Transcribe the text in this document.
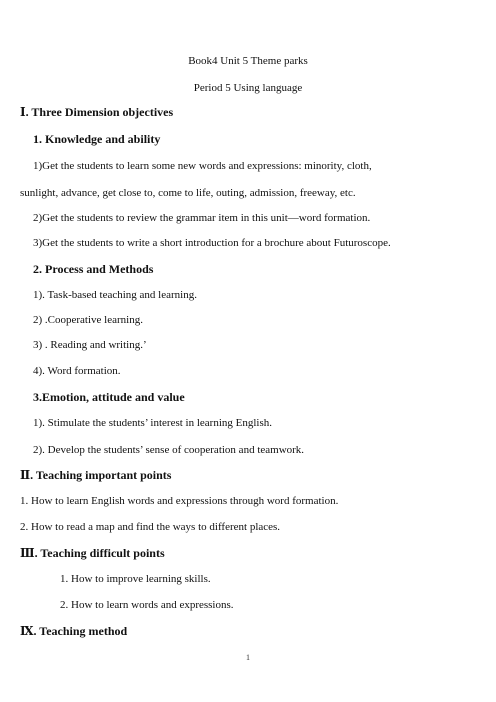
Book4 Unit 5 Theme parks
Period 5 Using language
Ⅰ. Three Dimension objectives
1. Knowledge and ability
1)Get the students to learn some new words and expressions: minority, cloth,
sunlight, advance, get close to, come to life, outing, admission, freeway, etc.
2)Get the students to review the grammar item in this unit—word formation.
3)Get the students to write a short introduction for a brochure about Futuroscope.
2. Process and Methods
1). Task-based teaching and learning.
2) .Cooperative learning.
3) . Reading and writing.’
4). Word formation.
3.Emotion, attitude and value
1). Stimulate the students’ interest in learning English.
2). Develop the students’ sense of cooperation and teamwork.
Ⅱ. Teaching important points
1. How to learn English words and expressions through word formation.
2. How to read a map and find the ways to different places.
Ⅲ. Teaching difficult points
1. How to improve learning skills.
2. How to learn words and expressions.
Ⅸ. Teaching method
1
